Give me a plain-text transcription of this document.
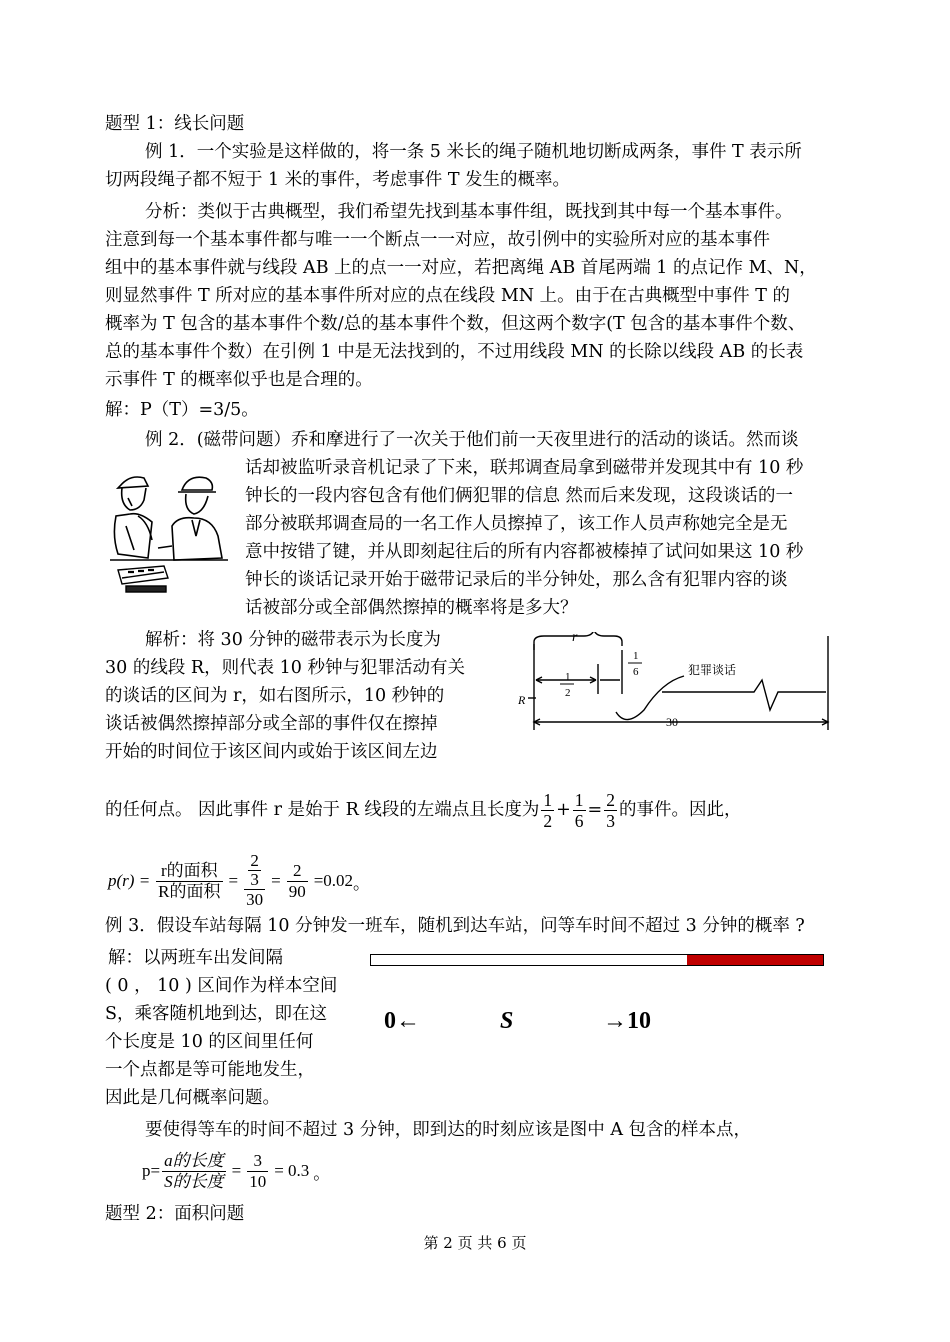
题型 1：线长问题
例 1．一个实验是这样做的，将一条 5 米长的绳子随机地切断成两条，事件 T 表示所
切两段绳子都不短于 1 米的事件，考虑事件 T 发生的概率。
分析：类似于古典概型，我们希望先找到基本事件组，既找到其中每一个基本事件。
注意到每一个基本事件都与唯一一个断点一一对应，故引例中的实验所对应的基本事件
组中的基本事件就与线段 AB 上的点一一对应，若把离绳 AB 首尾两端 1 的点记作 M、N，
则显然事件 T 所对应的基本事件所对应的点在线段 MN 上。由于在古典概型中事件 T 的
概率为 T 包含的基本事件个数/总的基本事件个数，但这两个数字(T 包含的基本事件个数、
总的基本事件个数）在引例 1 中是无法找到的，不过用线段 MN 的长除以线段 AB 的长表
示事件 T 的概率似乎也是合理的。
解：P（T）=3/5。
例 2．(磁带问题）乔和摩进行了一次关于他们前一天夜里进行的活动的谈话。然而谈
话却被监听录音机记录了下来，联邦调查局拿到磁带并发现其中有 10 秒
钟长的一段内容包含有他们俩犯罪的信息 然而后来发现，这段谈话的一
部分被联邦调查局的一名工作人员擦掉了，该工作人员声称她完全是无
意中按错了键，并从即刻起往后的所有内容都被榛掉了试问如果这 10 秒
钟长的谈话记录开始于磁带记录后的半分钟处，那么含有犯罪内容的谈
话被部分或全部偶然擦掉的概率将是多大？
解析：将 30 分钟的磁带表示为长度为
30 的线段 R，则代表 10 秒钟与犯罪活动有关
的谈话的区间为 r，如右图所示，10 秒钟的
谈话被偶然擦掉部分或全部的事件仅在擦掉
开始的时间位于该区间内或始于该区间左边
r
1
2
1
6	犯罪谈话
R
30
的任何点。 因此事件 r 是始于 R 线段的左端点且长度为 $\frac{1}{2} + \frac{1}{6} = \frac{2}{3}$ 的事件。因此，
$p(r) = \frac{\text{r的面积}}{\text{R的面积}} = \frac{\frac{2}{3}}{30} = \frac{2}{90} =0.02$ 。
例 3．假设车站每隔 10 分钟发一班车，随机到达车站，问等车时间不超过 3 分钟的概率 ?
解：以两班车出发间隔
( 0 ， 10 ) 区间作为样本空间
S，乘客随机地到达，即在这
个长度是 10 的区间里任何
一个点都是等可能地发生，
因此是几何概率问题。
0←	S	→10
要使得等车的时间不超过 3 分钟，即到达的时刻应该是图中 A 包含的样本点，
$p= \frac{\text{a的长度}}{\text{S的长度}} = \frac{3}{10} = 0.3$ 。
题型 2：面积问题
第 2 页 共 6 页
